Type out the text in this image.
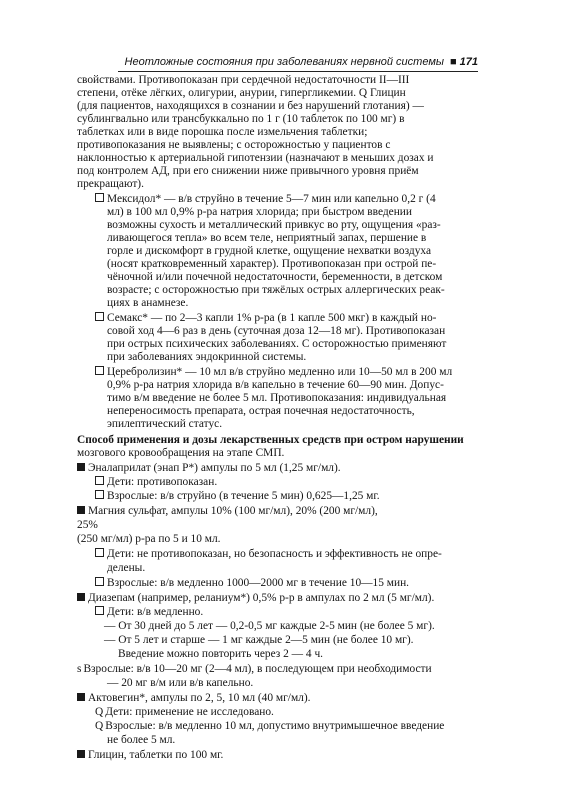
Неотложные состояния при заболеваниях нервной системы ■ 171
свойствами. Противопоказан при сердечной недостаточности II—III
степени, отёке лёгких, олигурии, анурии, гипергликемии. Q Глицин
(для пациентов, находящихся в сознании и без нарушений глотания) —
сублингвально или трансбуккально по 1 г (10 таблеток по 100 мг) в
таблетках или в виде порошка после измельчения таблетки;
противопоказания не выявлены; с осторожностью у пациентов с
наклонностью к артериальной гипотензии (назначают в меньших дозах и
под контролем АД, при его снижении ниже привычного уровня приём
прекращают).
Мексидол* — в/в струйно в течение 5—7 мин или капельно 0,2 г (4
мл) в 100 мл 0,9% р-ра натрия хлорида; при быстром введении
возможны сухость и металлический привкус во рту, ощущения «раз-
ливающегося тепла» во всем теле, неприятный запах, першение в
горле и дискомфорт в грудной клетке, ощущение нехватки воздуха
(носят кратковременный характер). Противопоказан при острой пе-
чёночной и/или почечной недостаточности, беременности, в детском
возрасте; с осторожностью при тяжёлых острых аллергических реак-
циях в анамнезе.
Семакс* — по 2—3 капли 1% р-ра (в 1 капле 500 мкг) в каждый но-
совой ход 4—6 раз в день (суточная доза 12—18 мг). Противопоказан
при острых психических заболеваниях. С осторожностью применяют
при заболеваниях эндокринной системы.
Церебролизин* — 10 мл в/в струйно медленно или 10—50 мл в 200 мл
0,9% р-ра натрия хлорида в/в капельно в течение 60—90 мин. Допус-
тимо в/м введение не более 5 мл. Противопоказания: индивидуальная
непереносимость препарата, острая почечная недостаточность,
эпилептический статус.
Способ применения и дозы лекарственных средств при остром нарушении
мозгового кровообращения на этапе СМП.
Эналаприлат (энап Р*) ампулы по 5 мл (1,25 мг/мл).
Дети: противопоказан.
Взрослые: в/в струйно (в течение 5 мин) 0,625—1,25 мг.
Магния сульфат, ампулы 10% (100 мг/мл), 20% (200 мг/мл),
25%
(250 мг/мл) р-ра по 5 и 10 мл.
Дети: не противопоказан, но безопасность и эффективность не опре-
делены.
Взрослые: в/в медленно 1000—2000 мг в течение 10—15 мин.
Диазепам (например, реланиум*) 0,5% р-р в ампулах по 2 мл (5 мг/мл).
Дети: в/в медленно.
— От 30 дней до 5 лет — 0,2-0,5 мг каждые 2-5 мин (не более 5 мг).
— От 5 лет и старше — 1 мг каждые 2—5 мин (не более 10 мг).
Введение можно повторить через 2 — 4 ч.
s Взрослые: в/в 10—20 мг (2—4 мл), в последующем при необходимости
— 20 мг в/м или в/в капельно.
Актовегин*, ампулы по 2, 5, 10 мл (40 мг/мл).
Q Дети: применение не исследовано.
Q Взрослые: в/в медленно 10 мл, допустимо внутримышечное введение
не более 5 мл.
Глицин, таблетки по 100 мг.
